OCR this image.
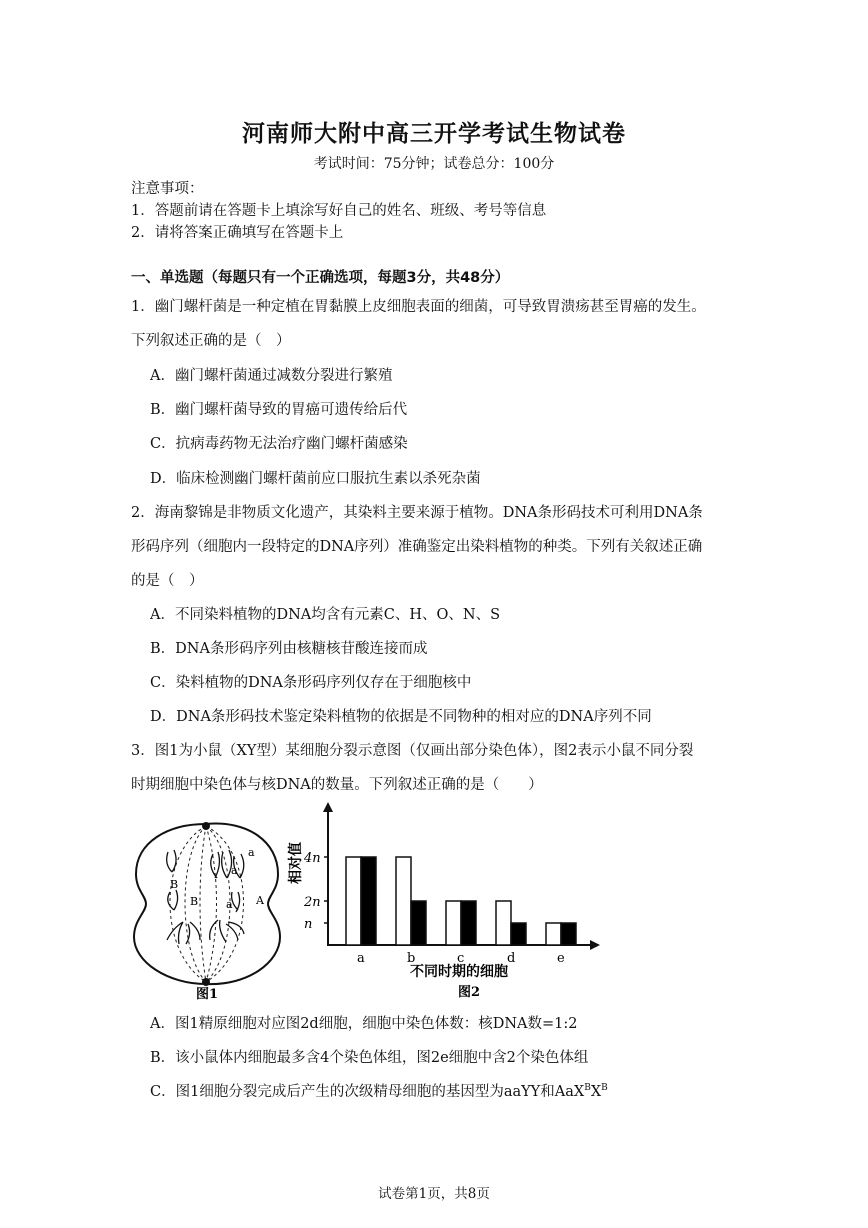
河南师大附中高三开学考试生物试卷
考试时间：75分钟；试卷总分：100分
注意事项：
1．答题前请在答题卡上填涂写好自己的姓名、班级、考号等信息
2．请将答案正确填写在答题卡上
一、单选题（每题只有一个正确选项，每题3分，共48分）
1．幽门螺杆菌是一种定植在胃黏膜上皮细胞表面的细菌，可导致胃溃疡甚至胃癌的发生。
下列叙述正确的是（　）
A．幽门螺杆菌通过减数分裂进行繁殖
B．幽门螺杆菌导致的胃癌可遗传给后代
C．抗病毒药物无法治疗幽门螺杆菌感染
D．临床检测幽门螺杆菌前应口服抗生素以杀死杂菌
2．海南黎锦是非物质文化遗产，其染料主要来源于植物。DNA条形码技术可利用DNA条
形码序列（细胞内一段特定的DNA序列）准确鉴定出染料植物的种类。下列有关叙述正确
的是（　）
A．不同染料植物的DNA均含有元素C、H、O、N、S
B．DNA条形码序列由核糖核苷酸连接而成
C．染料植物的DNA条形码序列仅存在于细胞核中
D．DNA条形码技术鉴定染料植物的依据是不同物种的相对应的DNA序列不同
3．图1为小鼠（XY型）某细胞分裂示意图（仅画出部分染色体），图2表示小鼠不同分裂
时期细胞中染色体与核DNA的数量。下列叙述正确的是（　　）
a
a
a
B
B	A
图1
相对值
不同时期的细胞
图2
n
2n
4n
a	b	c	d	e
A．图1精原细胞对应图2d细胞，细胞中染色体数：核DNA数=1:2
B．该小鼠体内细胞最多含4个染色体组，图2e细胞中含2个染色体组
C．图1细胞分裂完成后产生的次级精母细胞的基因型为aaYY和$AaX^BX^B$
试卷第1页，共8页
